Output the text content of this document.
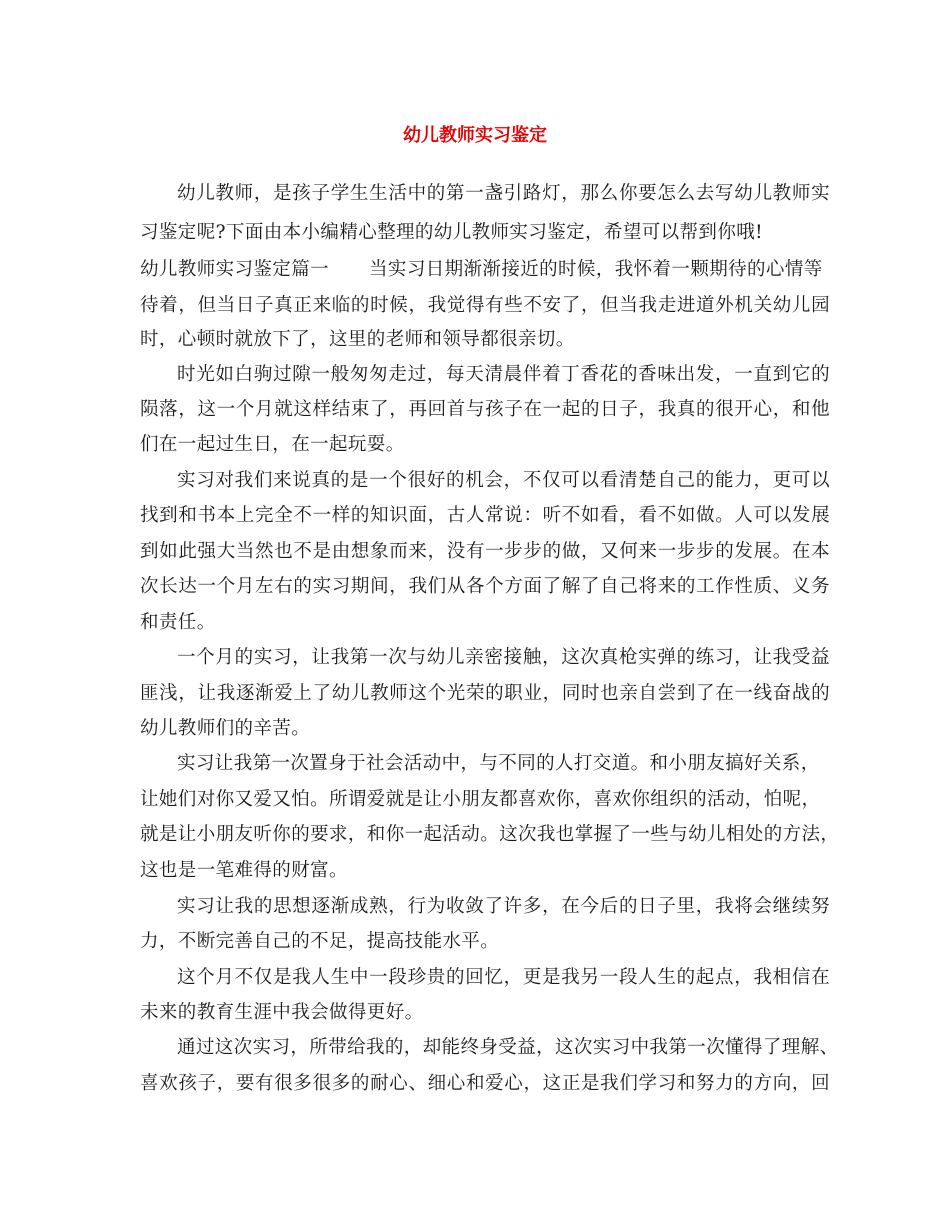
幼儿教师实习鉴定
幼儿教师，是孩子学生生活中的第一盏引路灯，那么你要怎么去写幼儿教师实
习鉴定呢?下面由本小编精心整理的幼儿教师实习鉴定，希望可以帮到你哦!
幼儿教师实习鉴定篇一 当实习日期渐渐接近的时候，我怀着一颗期待的心情等
待着，但当日子真正来临的时候，我觉得有些不安了，但当我走进道外机关幼儿园
时，心顿时就放下了，这里的老师和领导都很亲切。
时光如白驹过隙一般匆匆走过，每天清晨伴着丁香花的香味出发，一直到它的
陨落，这一个月就这样结束了，再回首与孩子在一起的日子，我真的很开心，和他
们在一起过生日，在一起玩耍。
实习对我们来说真的是一个很好的机会，不仅可以看清楚自己的能力，更可以
找到和书本上完全不一样的知识面，古人常说：听不如看，看不如做。人可以发展
到如此强大当然也不是由想象而来，没有一步步的做，又何来一步步的发展。在本
次长达一个月左右的实习期间，我们从各个方面了解了自己将来的工作性质、义务
和责任。
一个月的实习，让我第一次与幼儿亲密接触，这次真枪实弹的练习，让我受益
匪浅，让我逐渐爱上了幼儿教师这个光荣的职业，同时也亲自尝到了在一线奋战的
幼儿教师们的辛苦。
实习让我第一次置身于社会活动中，与不同的人打交道。和小朋友搞好关系，
让她们对你又爱又怕。所谓爱就是让小朋友都喜欢你，喜欢你组织的活动，怕呢，
就是让小朋友听你的要求，和你一起活动。这次我也掌握了一些与幼儿相处的方法，
这也是一笔难得的财富。
实习让我的思想逐渐成熟，行为收敛了许多，在今后的日子里，我将会继续努
力，不断完善自己的不足，提高技能水平。
这个月不仅是我人生中一段珍贵的回忆，更是我另一段人生的起点，我相信在
未来的教育生涯中我会做得更好。
通过这次实习，所带给我的，却能终身受益，这次实习中我第一次懂得了理解、
喜欢孩子，要有很多很多的耐心、细心和爱心，这正是我们学习和努力的方向，回
